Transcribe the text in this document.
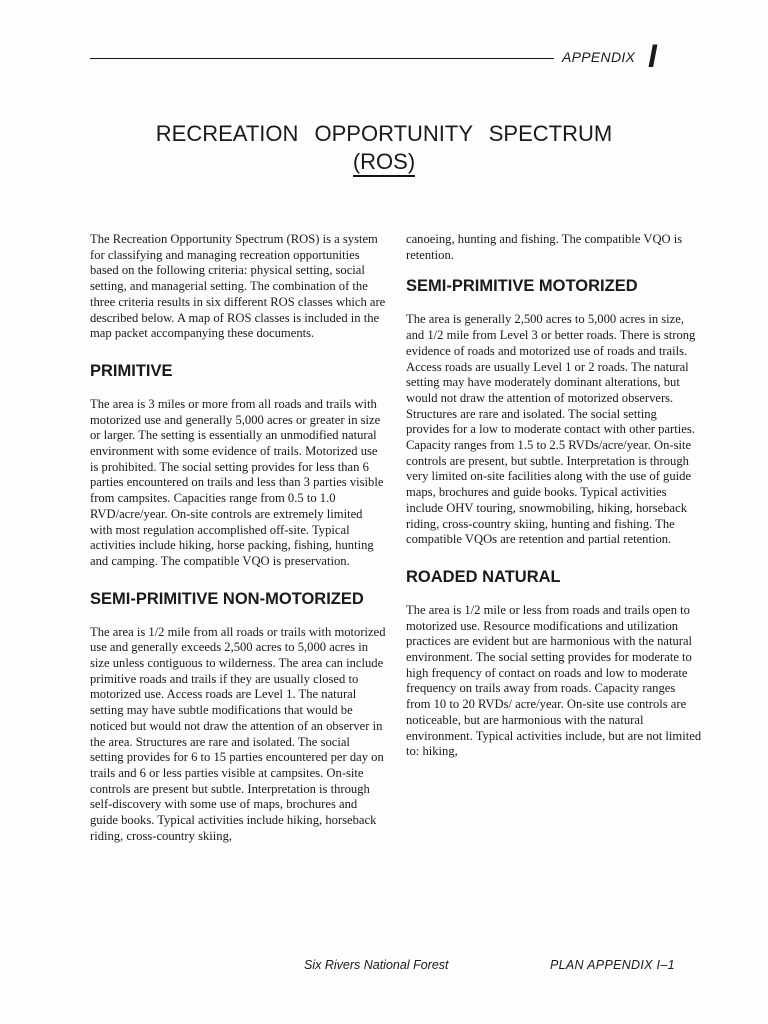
APPENDIX I
RECREATION OPPORTUNITY SPECTRUM
(ROS)

The Recreation Opportunity Spectrum (ROS) is a system for classifying and managing recreation opportunities based on the following criteria: physical setting, social setting, and managerial setting. The combination of the three criteria results in six different ROS classes which are described below. A map of ROS classes is included in the map packet accompanying these documents.

PRIMITIVE

The area is 3 miles or more from all roads and trails with motorized use and generally 5,000 acres or greater in size or larger. The setting is essentially an unmodified natural environment with some evidence of trails. Motorized use is prohibited. The social setting provides for less than 6 parties encountered on trails and less than 3 parties visible from campsites. Capacities range from 0.5 to 1.0 RVD/acre/year. On-site controls are extremely limited with most regulation accomplished off-site. Typical activities include hiking, horse packing, fishing, hunting and camping. The compatible VQO is preservation.

SEMI-PRIMITIVE NON-MOTORIZED

The area is 1/2 mile from all roads or trails with motorized use and generally exceeds 2,500 acres to 5,000 acres in size unless contiguous to wilderness. The area can include primitive roads and trails if they are usually closed to motorized use. Access roads are Level 1. The natural setting may have subtle modifications that would be noticed but would not draw the attention of an observer in the area. Structures are rare and isolated. The social setting provides for 6 to 15 parties encountered per day on trails and 6 or less parties visible at campsites. On-site controls are present but subtle. Interpretation is through self-discovery with some use of maps, brochures and guide books. Typical activities include hiking, horseback riding, cross-country skiing,

canoeing, hunting and fishing. The compatible VQO is retention.

SEMI-PRIMITIVE MOTORIZED

The area is generally 2,500 acres to 5,000 acres in size, and 1/2 mile from Level 3 or better roads. There is strong evidence of roads and motorized use of roads and trails. Access roads are usually Level 1 or 2 roads. The natural setting may have moderately dominant alterations, but would not draw the attention of motorized observers. Structures are rare and isolated. The social setting provides for a low to moderate contact with other parties. Capacity ranges from 1.5 to 2.5 RVDs/acre/year. On-site controls are present, but subtle. Interpretation is through very limited on-site facilities along with the use of guide maps, brochures and guide books. Typical activities include OHV touring, snowmobiling, hiking, horseback riding, cross-country skiing, hunting and fishing. The compatible VQOs are retention and partial retention.

ROADED NATURAL

The area is 1/2 mile or less from roads and trails open to motorized use. Resource modifications and utilization practices are evident but are harmonious with the natural environment. The social setting provides for moderate to high frequency of contact on roads and low to moderate frequency on trails away from roads. Capacity ranges from 10 to 20 RVDs/ acre/year. On-site use controls are noticeable, but are harmonious with the natural environment. Typical activities include, but are not limited to: hiking,

Six Rivers National Forest	PLAN APPENDIX I–1
